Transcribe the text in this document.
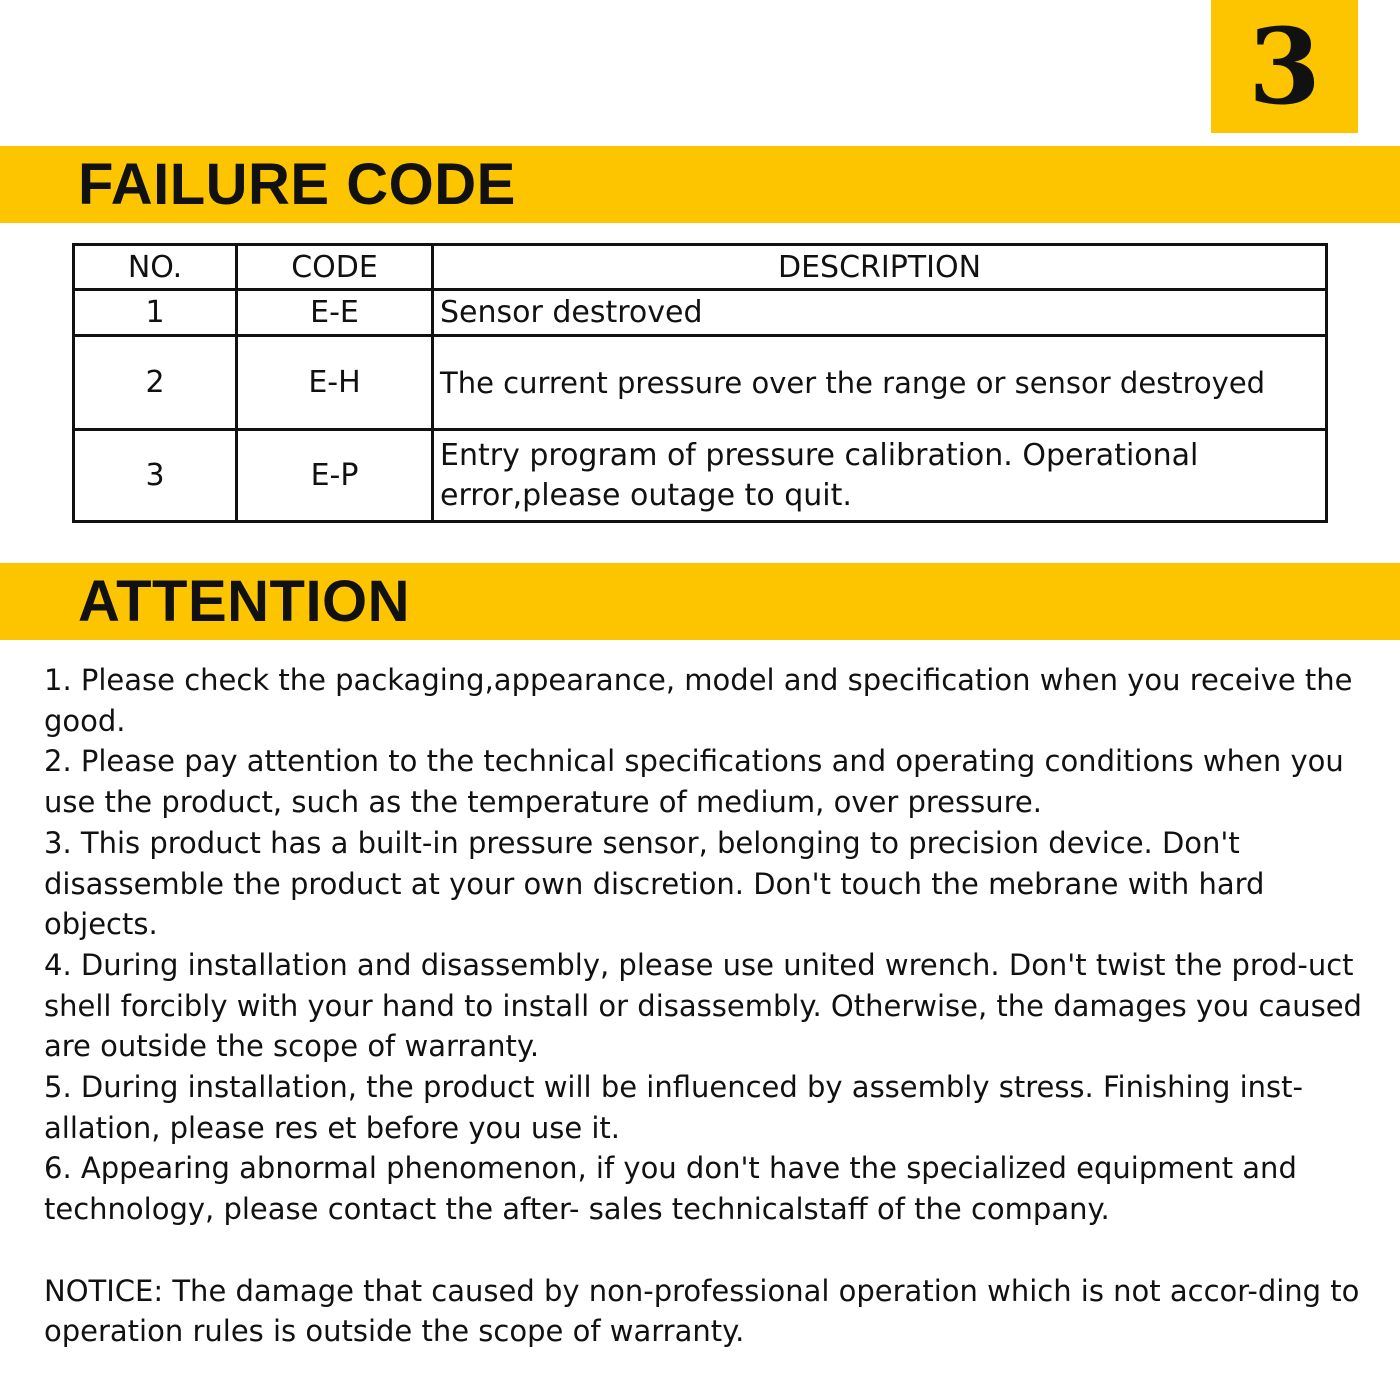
3
FAILURE CODE
NO.	CODE	DESCRIPTION
1	E-E	Sensor destroved
2	E-H	The current pressure over the range or sensor destroyed
3	E-P	Entry program of pressure calibration. Operational error,please outage to quit.
ATTENTION

1. Please check the packaging,appearance, model and specification when you receive the good.

2. Please pay attention to the technical specifications and operating conditions when you use the product, such as the temperature of medium, over pressure.

3. This product has a built-in pressure sensor, belonging to precision device. Don't disassemble the product at your own discretion. Don't touch the mebrane with hard objects.

4. During installation and disassembly, please use united wrench. Don't twist the prod-uct shell forcibly with your hand to install or disassembly. Otherwise, the damages you caused are outside the scope of warranty.

5. During installation, the product will be influenced by assembly stress. Finishing inst-allation, please res et before you use it.

6. Appearing abnormal phenomenon, if you don't have the specialized equipment and technology, please contact the after- sales technicalstaff of the company.

NOTICE: The damage that caused by non-professional operation which is not accor-ding to operation rules is outside the scope of warranty.
